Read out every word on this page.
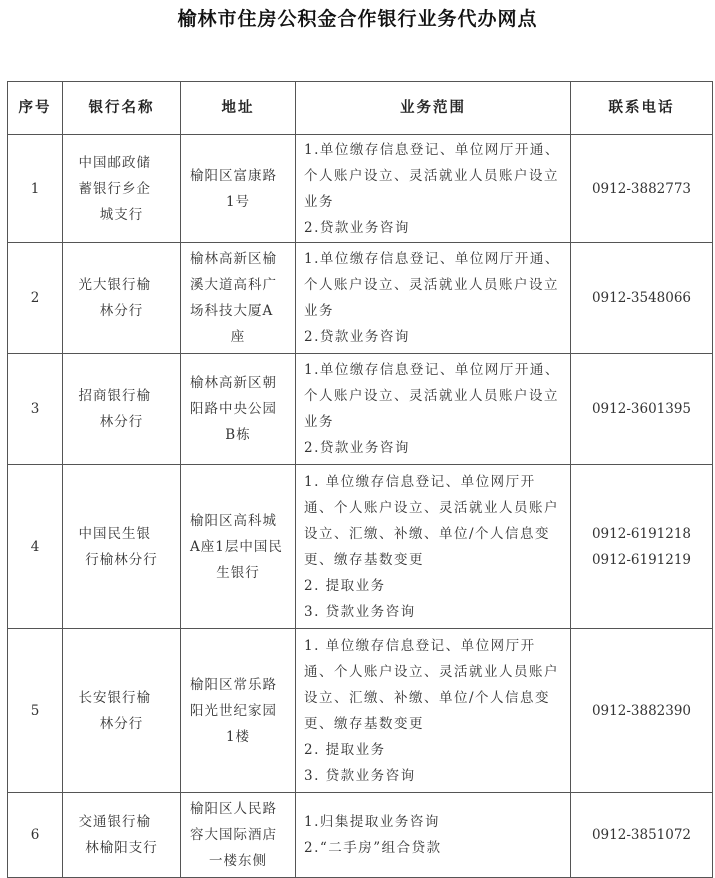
榆林市住房公积金合作银行业务代办网点
序号	银行名称	地址	业务范围	联系电话
1	中国邮政储蓄银行乡企城支行	榆阳区富康路1号	1.单位缴存信息登记、单位网厅开通、个人账户设立、灵活就业人员账户设立业务
2.贷款业务咨询	0912-3882773

2	光大银行榆林分行	榆林高新区榆溪大道高科广场科技大厦A座	1.单位缴存信息登记、单位网厅开通、个人账户设立、灵活就业人员账户设立业务
2.贷款业务咨询	0912-3548066

3	招商银行榆林分行	榆林高新区朝阳路中央公园B栋	1.单位缴存信息登记、单位网厅开通、个人账户设立、灵活就业人员账户设立业务
2.贷款业务咨询	0912-3601395

4	中国民生银行榆林分行	榆阳区高科城A座1层中国民生银行	1. 单位缴存信息登记、单位网厅开通、个人账户设立、灵活就业人员账户设立、汇缴、补缴、单位/个人信息变更、缴存基数变更
2. 提取业务
3. 贷款业务咨询	0912-6191218
0912-6191219

5	长安银行榆林分行	榆阳区常乐路阳光世纪家园1楼	1. 单位缴存信息登记、单位网厅开通、个人账户设立、灵活就业人员账户设立、汇缴、补缴、单位/个人信息变更、缴存基数变更
2. 提取业务
3. 贷款业务咨询	0912-3882390

6	交通银行榆林榆阳支行	榆阳区人民路容大国际酒店一楼东侧	1.归集提取业务咨询
2.“二手房”组合贷款	0912-3851072
